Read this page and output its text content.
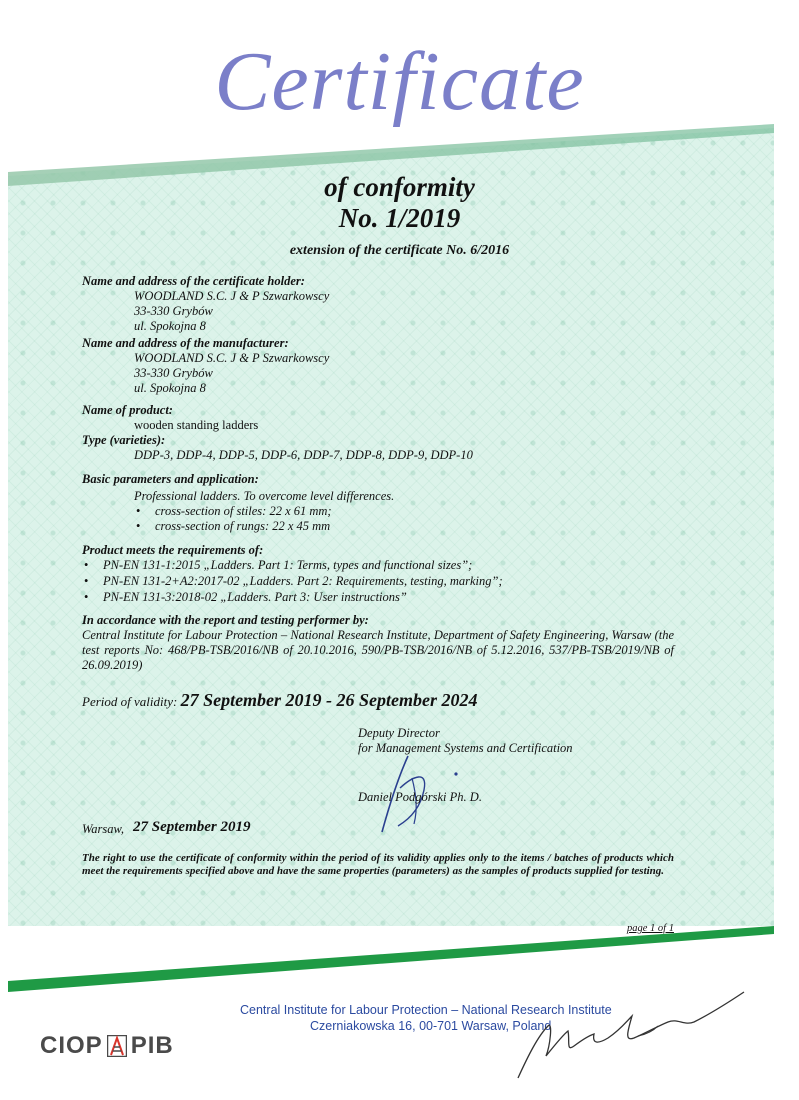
Certificate
of conformity
No. 1/2019
extension of the certificate No. 6/2016
Name and address of the certificate holder:
WOODLAND S.C. J & P Szwarkowscy
33-330 Grybów
ul. Spokojna 8
Name and address of the manufacturer:
WOODLAND S.C. J & P Szwarkowscy
33-330 Grybów
ul. Spokojna 8
Name of product:
wooden standing ladders
Type (varieties):
DDP-3, DDP-4, DDP-5, DDP-6, DDP-7, DDP-8, DDP-9, DDP-10
Basic parameters and application:
Professional ladders. To overcome level differences.
• cross-section of stiles: 22 x 61 mm;
• cross-section of rungs: 22 x 45 mm
Product meets the requirements of:
• PN-EN 131-1:2015 „Ladders. Part 1: Terms, types and functional sizes”;
• PN-EN 131-2+A2:2017-02 „Ladders. Part 2: Requirements, testing, marking”;
• PN-EN 131-3:2018-02 „Ladders. Part 3: User instructions”
In accordance with the report and testing performer by:
Central Institute for Labour Protection – National Research Institute, Department of Safety Engineering, Warsaw (the test reports No: 468/PB-TSB/2016/NB of 20.10.2016, 590/PB-TSB/2016/NB of 5.12.2016, 537/PB-TSB/2019/NB of 26.09.2019)
Period of validity: 27 September 2019 - 26 September 2024
Deputy Director
for Management Systems and Certification
Daniel Podgórski Ph. D.
Warsaw, 27 September 2019
The right to use the certificate of conformity within the period of its validity applies only to the items / batches of products which meet the requirements specified above and have the same properties (parameters) as the samples of products supplied for testing.
page 1 of 1
Central Institute for Labour Protection – National Research Institute
Czerniakowska 16, 00-701 Warsaw, Poland
CIOP PIB
